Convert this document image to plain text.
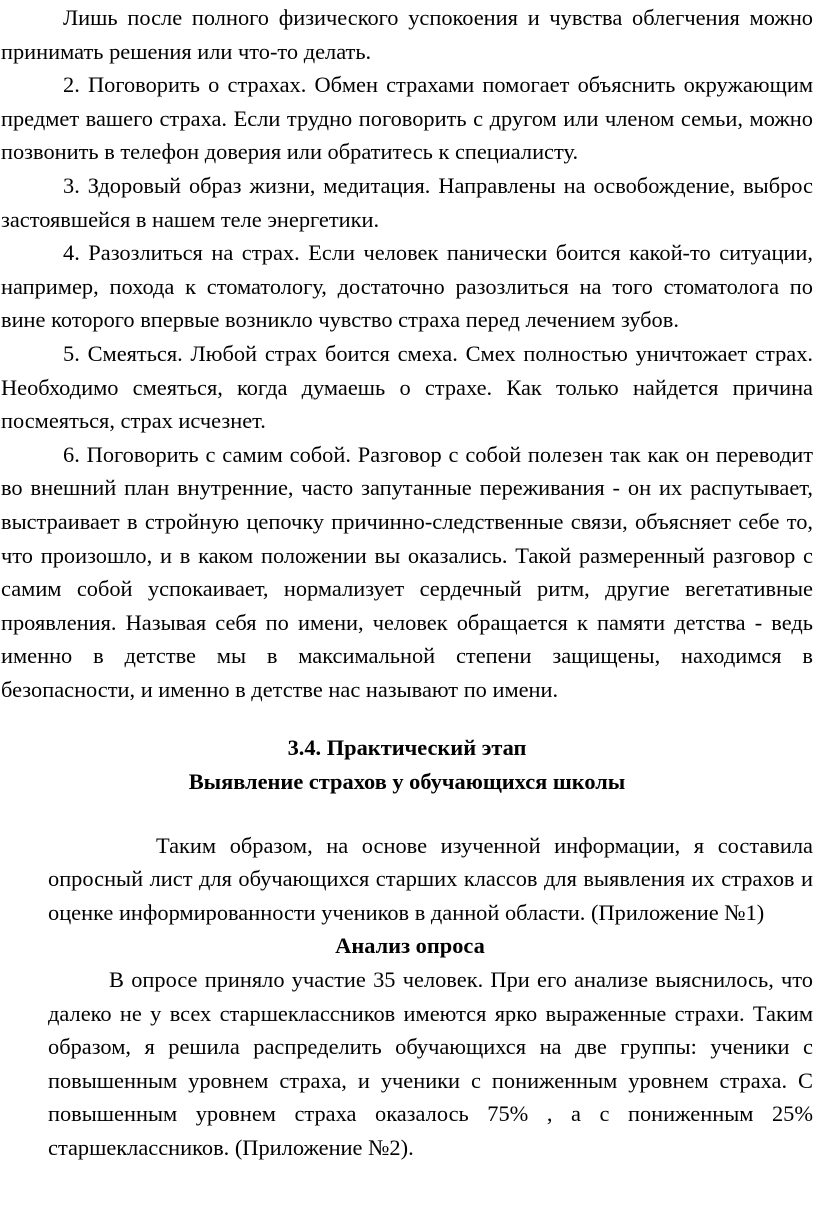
Лишь после полного физического успокоения и чувства облегчения можно принимать решения или что-то делать.

2. Поговорить о страхах. Обмен страхами помогает объяснить окружающим предмет вашего страха. Если трудно поговорить с другом или членом семьи, можно позвонить в телефон доверия или обратитесь к специалисту.

3. Здоровый образ жизни, медитация. Направлены на освобождение, выброс застоявшейся в нашем теле энергетики.

4. Разозлиться на страх. Если человек панически боится какой-то ситуации, например, похода к стоматологу, достаточно разозлиться на того стоматолога по вине которого впервые возникло чувство страха перед лечением зубов.

5. Смеяться. Любой страх боится смеха. Смех полностью уничтожает страх. Необходимо смеяться, когда думаешь о страхе. Как только найдется причина посмеяться, страх исчезнет.

6. Поговорить с самим собой. Разговор с собой полезен так как он переводит во внешний план внутренние, часто запутанные переживания - он их распутывает, выстраивает в стройную цепочку причинно-следственные связи, объясняет себе то, что произошло, и в каком положении вы оказались. Такой размеренный разговор с самим собой успокаивает, нормализует сердечный ритм, другие вегетативные проявления. Называя себя по имени, человек обращается к памяти детства - ведь именно в детстве мы в максимальной степени защищены, находимся в безопасности, и именно в детстве нас называют по имени.

3.4. Практический этап
Выявление страхов у обучающихся школы

Таким образом, на основе изученной информации, я составила опросный лист для обучающихся старших классов для выявления их страхов и оценке информированности учеников в данной области. (Приложение №1)

Анализ опроса

В опросе приняло участие 35 человек. При его анализе выяснилось, что далеко не у всех старшеклассников имеются ярко выраженные страхи. Таким образом, я решила распределить обучающихся на две группы: ученики с повышенным уровнем страха, и ученики с пониженным уровнем страха. С повышенным уровнем страха оказалось 75% , а с пониженным 25% старшеклассников. (Приложение №2).
